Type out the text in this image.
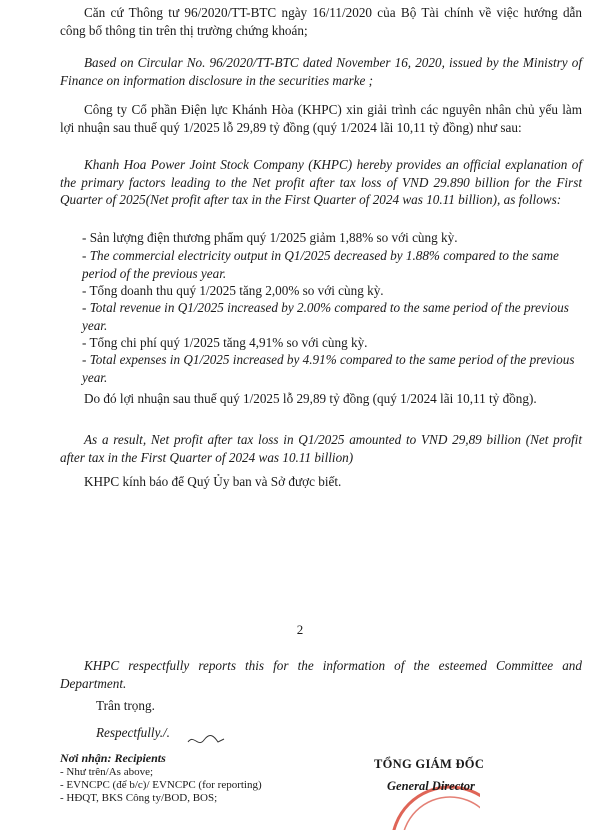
Căn cứ Thông tư 96/2020/TT-BTC ngày 16/11/2020 của Bộ Tài chính về việc hướng dẫn công bố thông tin trên thị trường chứng khoán;

Based on Circular No. 96/2020/TT-BTC dated November 16, 2020, issued by the Ministry of Finance on information disclosure in the securities marke ;

Công ty Cổ phần Điện lực Khánh Hòa (KHPC) xin giải trình các nguyên nhân chủ yếu làm lợi nhuận sau thuế quý 1/2025 lỗ 29,89 tỷ đồng (quý 1/2024 lãi 10,11 tỷ đồng) như sau:

Khanh Hoa Power Joint Stock Company (KHPC) hereby provides an official explanation of the primary factors leading to the Net profit after tax loss of VND 29.890 billion for the First Quarter of 2025(Net profit after tax in the First Quarter of 2024 was 10.11 billion), as follows:

- Sản lượng điện thương phẩm quý 1/2025 giảm 1,88% so với cùng kỳ.

- The commercial electricity output in Q1/2025 decreased by 1.88% compared to the same period of the previous year.

- Tổng doanh thu quý 1/2025 tăng 2,00% so với cùng kỳ.

- Total revenue in Q1/2025 increased by 2.00% compared to the same period of the previous year.

- Tổng chi phí quý 1/2025 tăng 4,91% so với cùng kỳ.

- Total expenses in Q1/2025 increased by 4.91% compared to the same period of the previous year.

Do đó lợi nhuận sau thuế quý 1/2025 lỗ 29,89 tỷ đồng (quý 1/2024 lãi 10,11 tỷ đồng).

As a result, Net profit after tax loss in Q1/2025 amounted to VND 29,89 billion (Net profit after tax in the First Quarter of 2024 was 10.11 billion)

KHPC kính báo để Quý Ủy ban và Sở được biết.

2

KHPC respectfully reports this for the information of the esteemed Committee and Department.

Trân trọng.

Respectfully./.

Nơi nhận: Recipients
- Như trên/As above;
- EVNCPC (để b/c)/ EVNCPC (for reporting)
- HĐQT, BKS Công ty/BOD, BOS;
TỔNG GIÁM ĐỐC
General Director
